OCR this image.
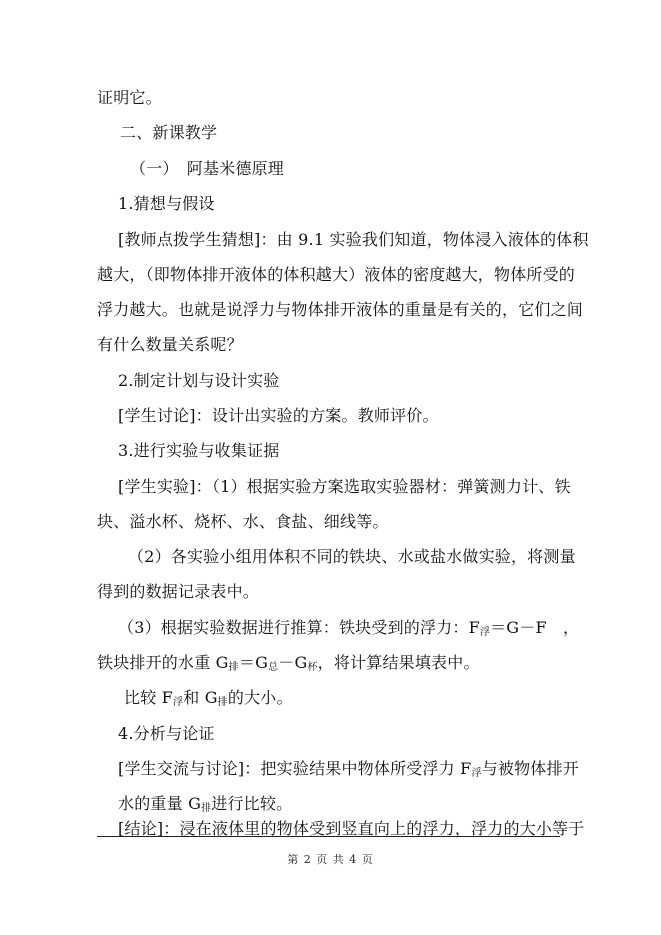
证明它。
二、新课教学
（一）　阿基米德原理
1.猜想与假设
[教师点拨学生猜想]：由 9.1 实验我们知道，物体浸入液体的体积
越大，（即物体排开液体的体积越大）液体的密度越大，物体所受的
浮力越大。也就是说浮力与物体排开液体的重量是有关的，它们之间
有什么数量关系呢？
2.制定计划与设计实验
[学生讨论]：设计出实验的方案。教师评价。
3.进行实验与收集证据
[学生实验]：（1）根据实验方案选取实验器材：弹簧测力计、铁
块、溢水杯、烧杯、水、食盐、细线等。
（2）各实验小组用体积不同的铁块、水或盐水做实验，将测量
得到的数据记录表中。
（3）根据实验数据进行推算：铁块受到的浮力：$F_浮=G-F$　，
铁块排开的水重 $G_排=G_总-G_杯$，将计算结果填表中。
比较 $F_浮$和 $G_排$的大小。
4.分析与论证
[学生交流与讨论]：把实验结果中物体所受浮力 $F_浮$与被物体排开
水的重量 $G_排$进行比较。
[结论]：浸在液体里的物体受到竖直向上的浮力，浮力的大小等于
第 2 页 共 4 页
